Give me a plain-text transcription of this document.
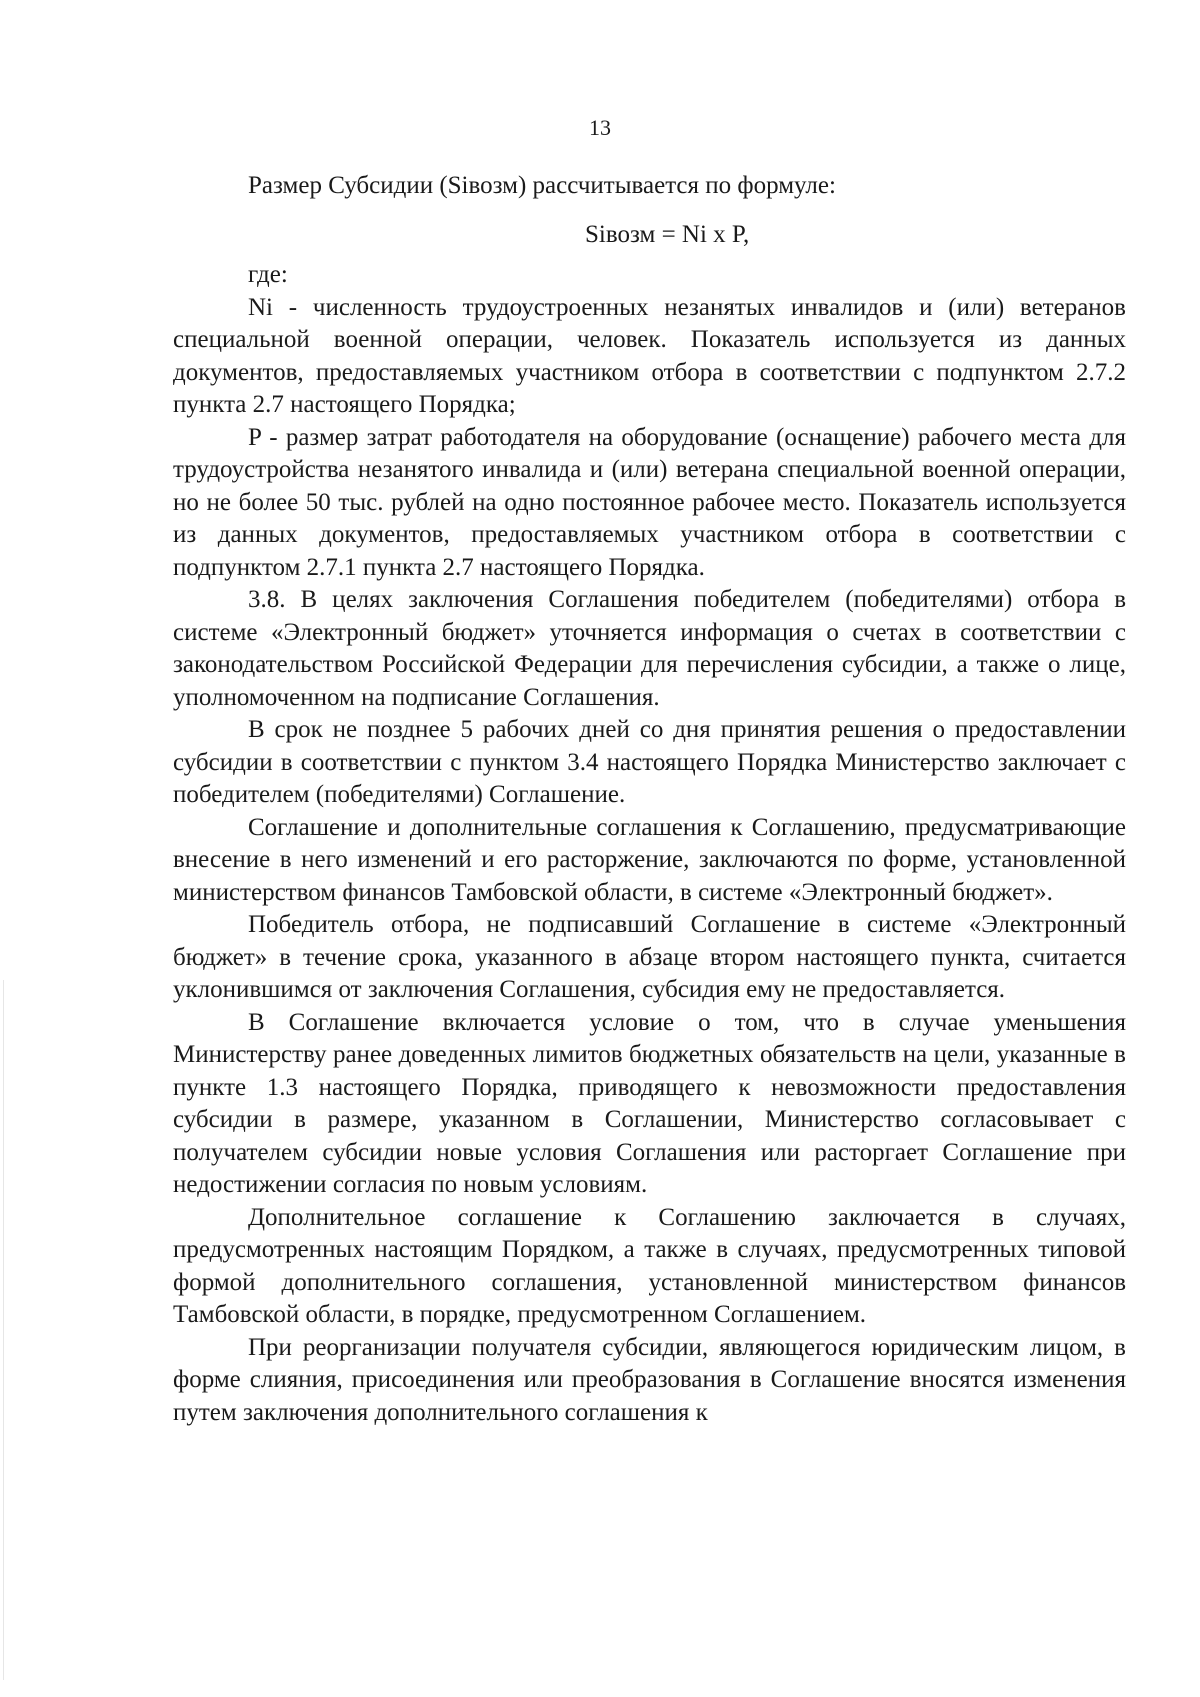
13

Размер Субсидии (Siвозм) рассчитывается по формуле:

Siвозм = Ni x P,

где:

Ni - численность трудоустроенных незанятых инвалидов и (или) ветеранов специальной военной операции, человек. Показатель используется из данных документов, предоставляемых участником отбора в соответствии с подпунктом 2.7.2 пункта 2.7 настоящего Порядка;

P - размер затрат работодателя на оборудование (оснащение) рабочего места для трудоустройства незанятого инвалида и (или) ветерана специальной военной операции, но не более 50 тыс. рублей на одно постоянное рабочее место. Показатель используется из данных документов, предоставляемых участником отбора в соответствии с подпунктом 2.7.1 пункта 2.7 настоящего Порядка.

3.8. В целях заключения Соглашения победителем (победителями) отбора в системе «Электронный бюджет» уточняется информация о счетах в соответствии с законодательством Российской Федерации для перечисления субсидии, а также о лице, уполномоченном на подписание Соглашения.

В срок не позднее 5 рабочих дней со дня принятия решения о предоставлении субсидии в соответствии с пунктом 3.4 настоящего Порядка Министерство заключает с победителем (победителями) Соглашение.

Соглашение и дополнительные соглашения к Соглашению, предусматривающие внесение в него изменений и его расторжение, заключаются по форме, установленной министерством финансов Тамбовской области, в системе «Электронный бюджет».

Победитель отбора, не подписавший Соглашение в системе «Электронный бюджет» в течение срока, указанного в абзаце втором настоящего пункта, считается уклонившимся от заключения Соглашения, субсидия ему не предоставляется.

В Соглашение включается условие о том, что в случае уменьшения Министерству ранее доведенных лимитов бюджетных обязательств на цели, указанные в пункте 1.3 настоящего Порядка, приводящего к невозможности предоставления субсидии в размере, указанном в Соглашении, Министерство согласовывает с получателем субсидии новые условия Соглашения или расторгает Соглашение при недостижении согласия по новым условиям.

Дополнительное соглашение к Соглашению заключается в случаях, предусмотренных настоящим Порядком, а также в случаях, предусмотренных типовой формой дополнительного соглашения, установленной министерством финансов Тамбовской области, в порядке, предусмотренном Соглашением.

При реорганизации получателя субсидии, являющегося юридическим лицом, в форме слияния, присоединения или преобразования в Соглашение вносятся изменения путем заключения дополнительного соглашения к
